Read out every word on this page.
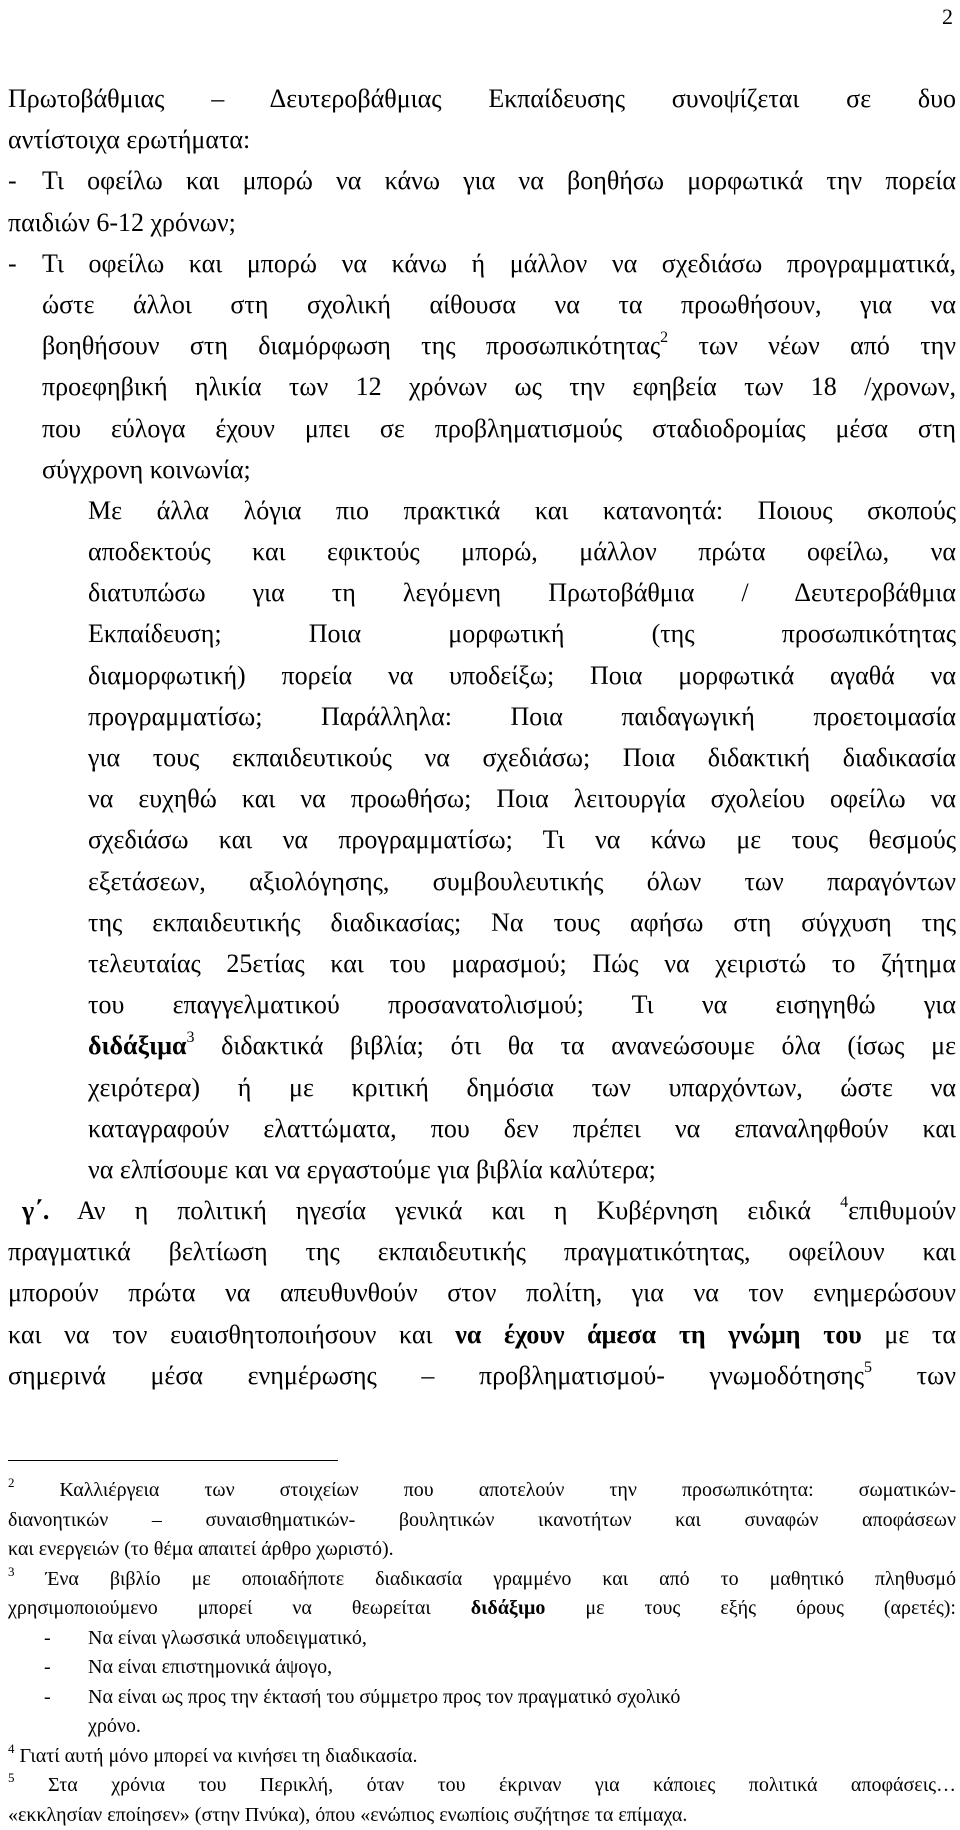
2
Πρωτοβάθμιας – Δευτεροβάθμιας Εκπαίδευσης συνοψίζεται σε δυο
αντίστοιχα ερωτήματα:
- Τι οφείλω και μπορώ να κάνω για να βοηθήσω μορφωτικά την πορεία
παιδιών 6-12 χρόνων;
- Τι οφείλω και μπορώ να κάνω ή μάλλον να σχεδιάσω προγραμματικά,
ώστε άλλοι στη σχολική αίθουσα να τα προωθήσουν, για να
βοηθήσουν στη διαμόρφωση της προσωπικότητας$^2$ των νέων από την
προεφηβική ηλικία των 12 χρόνων ως την εφηβεία των 18 /χρονων,
που εύλογα έχουν μπει σε προβληματισμούς σταδιοδρομίας μέσα στη
σύγχρονη κοινωνία;
Με άλλα λόγια πιο πρακτικά και κατανοητά: Ποιους σκοπούς
αποδεκτούς και εφικτούς μπορώ, μάλλον πρώτα οφείλω, να
διατυπώσω για τη λεγόμενη Πρωτοβάθμια / Δευτεροβάθμια
Εκπαίδευση; Ποια μορφωτική (της προσωπικότητας
διαμορφωτική) πορεία να υποδείξω; Ποια μορφωτικά αγαθά να
προγραμματίσω; Παράλληλα: Ποια παιδαγωγική προετοιμασία
για τους εκπαιδευτικούς να σχεδιάσω; Ποια διδακτική διαδικασία
να ευχηθώ και να προωθήσω; Ποια λειτουργία σχολείου οφείλω να
σχεδιάσω και να προγραμματίσω; Τι να κάνω με τους θεσμούς
εξετάσεων, αξιολόγησης, συμβουλευτικής όλων των παραγόντων
της εκπαιδευτικής διαδικασίας; Να τους αφήσω στη σύγχυση της
τελευταίας 25ετίας και του μαρασμού; Πώς να χειριστώ το ζήτημα
του επαγγελματικού προσανατολισμού; Τι να εισηγηθώ για
διδάξιμα$^3$ διδακτικά βιβλία; ότι θα τα ανανεώσουμε όλα (ίσως με
χειρότερα) ή με κριτική δημόσια των υπαρχόντων, ώστε να
καταγραφούν ελαττώματα, που δεν πρέπει να επαναληφθούν και
να ελπίσουμε και να εργαστούμε για βιβλία καλύτερα;
γ΄. Αν η πολιτική ηγεσία γενικά και η Κυβέρνηση ειδικά $^4$επιθυμούν
πραγματικά βελτίωση της εκπαιδευτικής πραγματικότητας, οφείλουν και
μπορούν πρώτα να απευθυνθούν στον πολίτη, για να τον ενημερώσουν
και να τον ευαισθητοποιήσουν και να έχουν άμεσα τη γνώμη του με τα
σημερινά μέσα ενημέρωσης – προβληματισμού- γνωμοδότησης$^5$ των
$^2$ Καλλιέργεια των στοιχείων που αποτελούν την προσωπικότητα: σωματικών-
διανοητικών – συναισθηματικών- βουλητικών ικανοτήτων και συναφών αποφάσεων
και ενεργειών (το θέμα απαιτεί άρθρο χωριστό).
$^3$ Ένα βιβλίο με οποιαδήποτε διαδικασία γραμμένο και από το μαθητικό πληθυσμό
χρησιμοποιούμενο μπορεί να θεωρείται διδάξιμο με τους εξής όρους (αρετές):
- Να είναι γλωσσικά υποδειγματικό,
- Να είναι επιστημονικά άψογο,
- Να είναι ως προς την έκτασή του σύμμετρο προς τον πραγματικό σχολικό
χρόνο.
$^4$ Γιατί αυτή μόνο μπορεί να κινήσει τη διαδικασία.
$^5$ Στα χρόνια του Περικλή, όταν του έκριναν για κάποιες πολιτικά αποφάσεις…
«εκκλησίαν εποίησεν» (στην Πνύκα), όπου «ενώπιος ενωπίοις συζήτησε τα επίμαχα.
